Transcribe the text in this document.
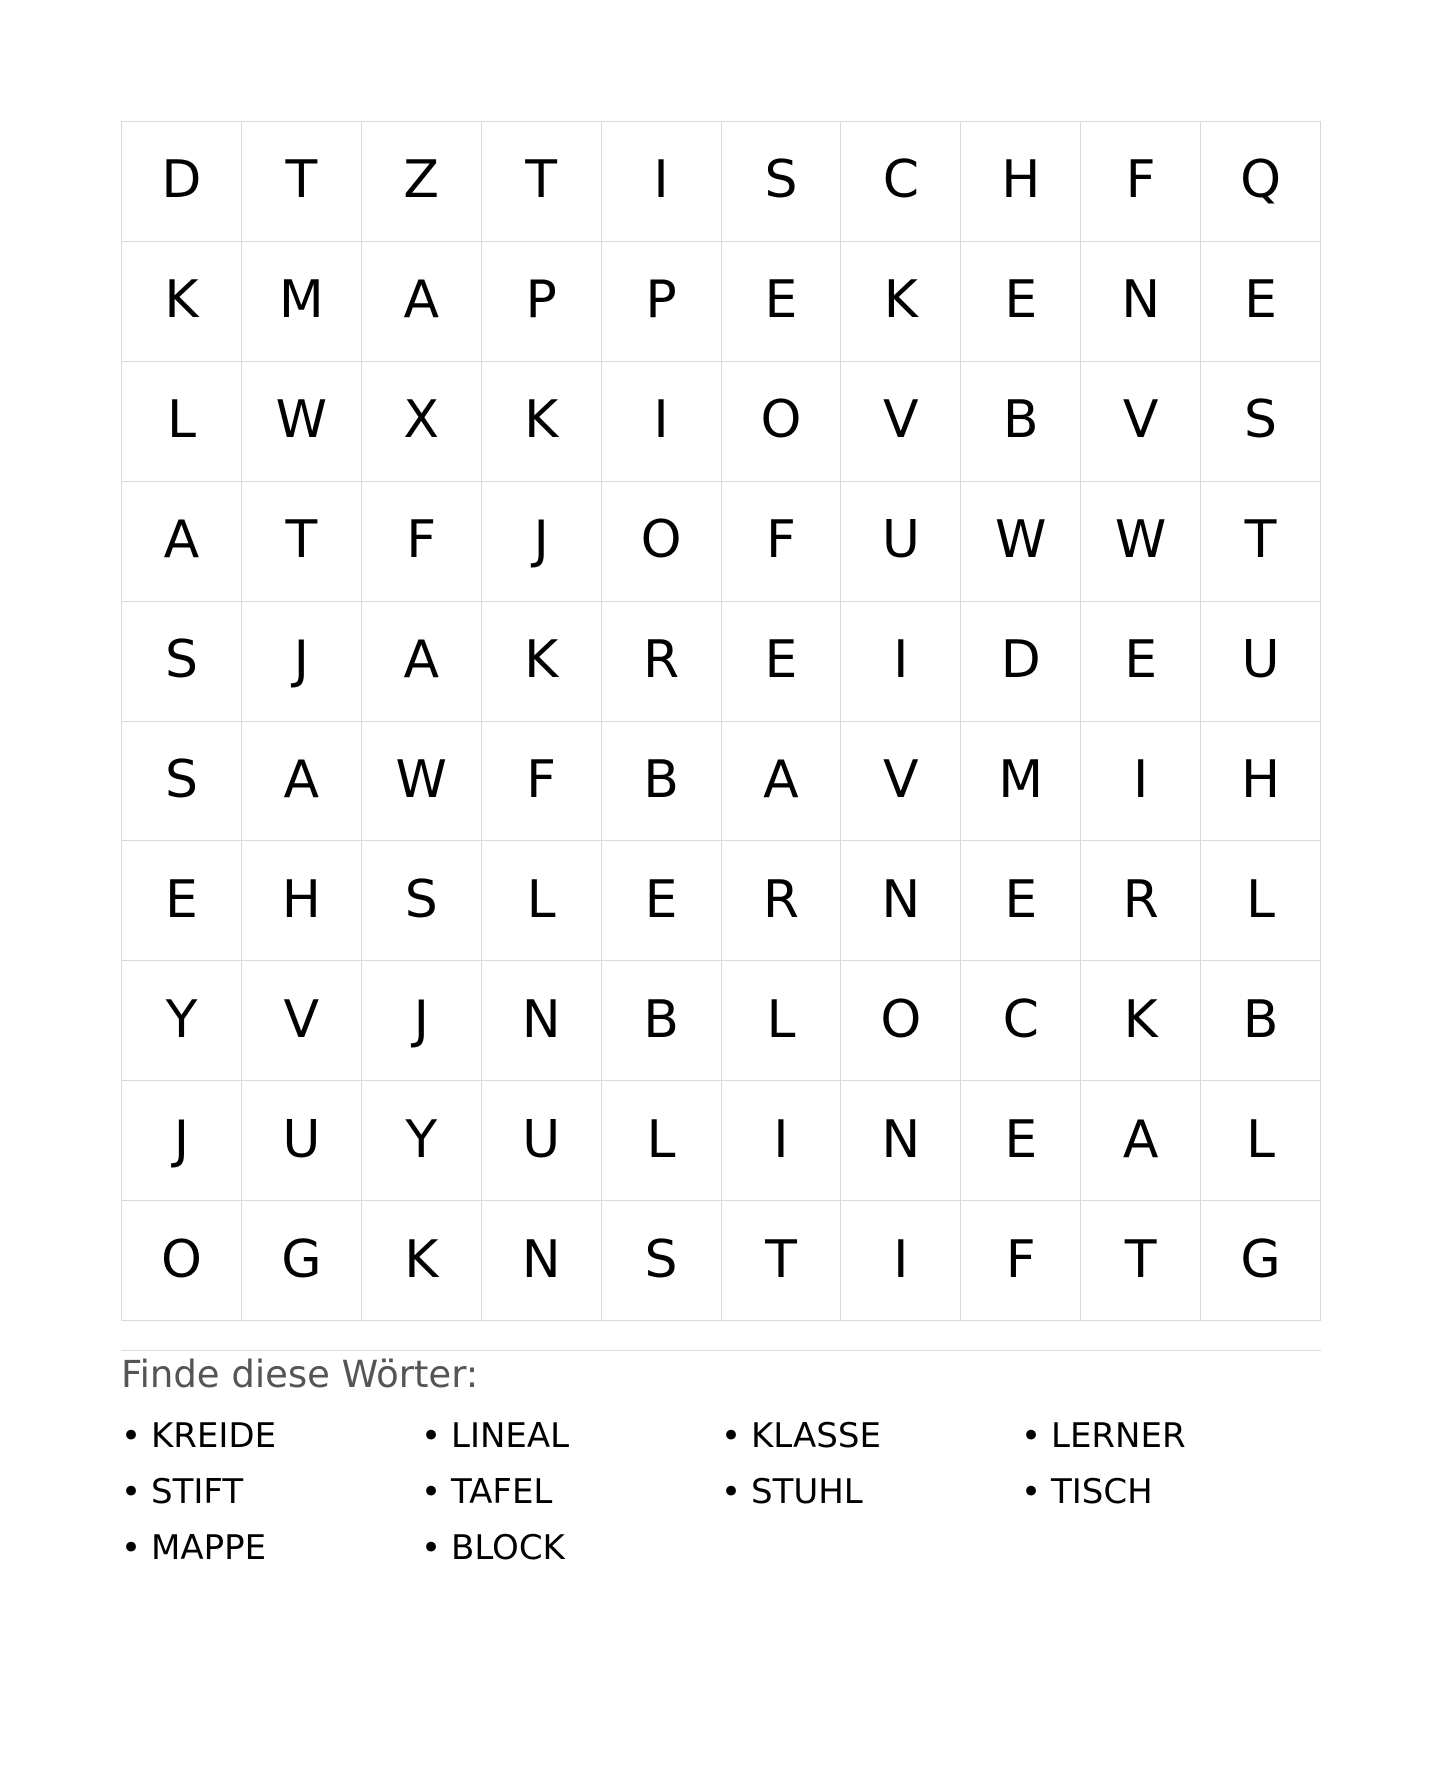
D	T	Z	T	I	S	C	H	F	Q
K	M	A	P	P	E	K	E	N	E
L	W	X	K	I	O	V	B	V	S
A	T	F	J	O	F	U	W	W	T
S	J	A	K	R	E	I	D	E	U
S	A	W	F	B	A	V	M	I	H
E	H	S	L	E	R	N	E	R	L
Y	V	J	N	B	L	O	C	K	B
J	U	Y	U	L	I	N	E	A	L
O	G	K	N	S	T	I	F	T	G
Finde diese Wörter:
• KREIDE	• LINEAL	• KLASSE	• LERNER
• STIFT	• TAFEL	• STUHL	• TISCH
• MAPPE	• BLOCK
